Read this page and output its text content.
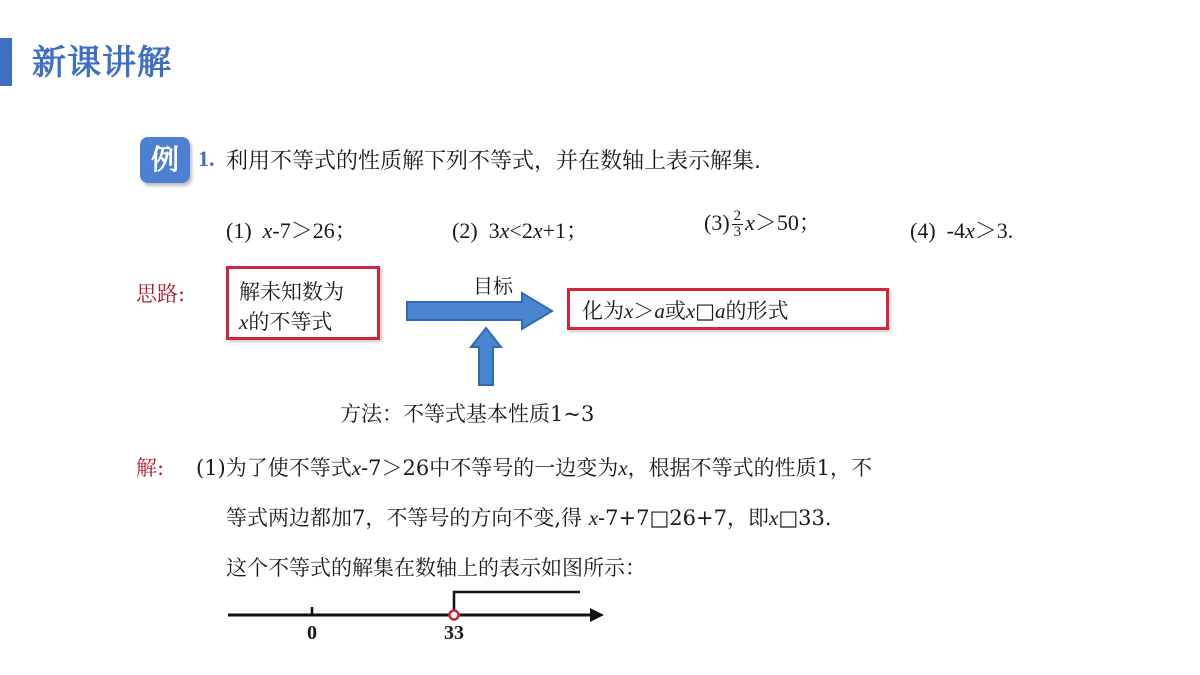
新课讲解
例 1. 利用不等式的性质解下列不等式，并在数轴上表示解集.
(1) x-7＞26；	(2) 3x<2x+1；	$(3) \frac{2}{3} x>50$；	(4) -4x＞3.
思路:	解未知数为
x的不等式
目标
化为x＞a或x□a的形式
方法：不等式基本性质1~3
解: (1)为了使不等式x-7＞26中不等号的一边变为x，根据不等式的性质1，不
等式两边都加7，不等号的方向不变,得 x-7+7□26+7，即x□33.
这个不等式的解集在数轴上的表示如图所示：
0	33
